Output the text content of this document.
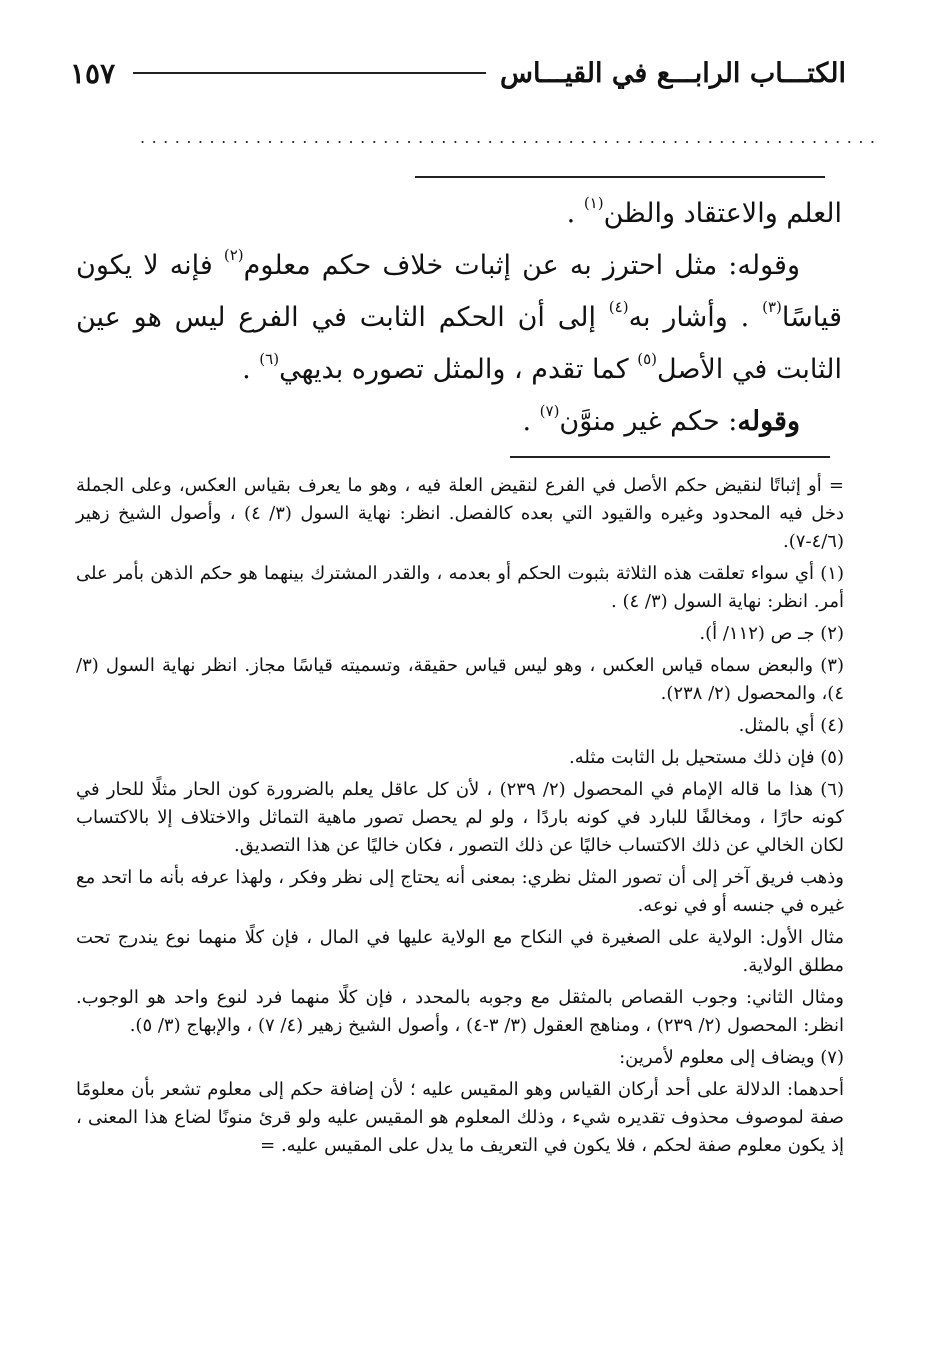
الكتـــاب الرابـــع في القيـــاس
١٥٧
................................................................

العلم والاعتقاد والظن$^{(١)}$ .

وقوله: مثل احترز به عن إثبات خلاف حكم معلوم$^{(٢)}$ فإنه لا يكون قياسًا$^{(٣)}$ . وأشار به$^{(٤)}$ إلى أن الحكم الثابت في الفرع ليس هو عين الثابت في الأصل$^{(٥)}$ كما تقدم ، والمثل تصوره بديهي$^{(٦)}$ .

وقوله: حكم غير منوَّن$^{(٧)}$ .

= أو إثباتًا لنقيض حكم الأصل في الفرع لنقيض العلة فيه ، وهو ما يعرف بقياس العكس، وعلى الجملة دخل فيه المحدود وغيره والقيود التي بعده كالفصل. انظر: نهاية السول (٣/ ٤) ، وأصول الشيخ زهير (٤/٦-٧).

(١) أي سواء تعلقت هذه الثلاثة بثبوت الحكم أو بعدمه ، والقدر المشترك بينهما هو حكم الذهن بأمر على أمر. انظر: نهاية السول (٣/ ٤) .

(٢) جـ ص (١١٢/ أ).

(٣) والبعض سماه قياس العكس ، وهو ليس قياس حقيقة، وتسميته قياسًا مجاز. انظر نهاية السول (٣/ ٤)، والمحصول (٢/ ٢٣٨).

(٤) أي بالمثل.

(٥) فإن ذلك مستحيل بل الثابت مثله.

(٦) هذا ما قاله الإمام في المحصول (٢/ ٢٣٩) ، لأن كل عاقل يعلم بالضرورة كون الحار مثلًا للحار في كونه حارًا ، ومخالفًا للبارد في كونه باردًا ، ولو لم يحصل تصور ماهية التماثل والاختلاف إلا بالاكتساب لكان الخالي عن ذلك الاكتساب خاليًا عن ذلك التصور ، فكان خاليًا عن هذا التصديق.

وذهب فريق آخر إلى أن تصور المثل نظري: بمعنى أنه يحتاج إلى نظر وفكر ، ولهذا عرفه بأنه ما اتحد مع غيره في جنسه أو في نوعه.

مثال الأول: الولاية على الصغيرة في النكاح مع الولاية عليها في المال ، فإن كلًا منهما نوع يندرج تحت مطلق الولاية.

ومثال الثاني: وجوب القصاص بالمثقل مع وجوبه بالمحدد ، فإن كلًا منهما فرد لنوع واحد هو الوجوب. انظر: المحصول (٢/ ٢٣٩) ، ومناهج العقول (٣/ ٣-٤) ، وأصول الشيخ زهير (٤/ ٧) ، والإبهاج (٣/ ٥).

(٧) ويضاف إلى معلوم لأمرين:

أحدهما: الدلالة على أحد أركان القياس وهو المقيس عليه ؛ لأن إضافة حكم إلى معلوم تشعر بأن معلومًا صفة لموصوف محذوف تقديره شيء ، وذلك المعلوم هو المقيس عليه ولو قرئ منونًا لضاع هذا المعنى ، إذ يكون معلوم صفة لحكم ، فلا يكون في التعريف ما يدل على المقيس عليه. =
